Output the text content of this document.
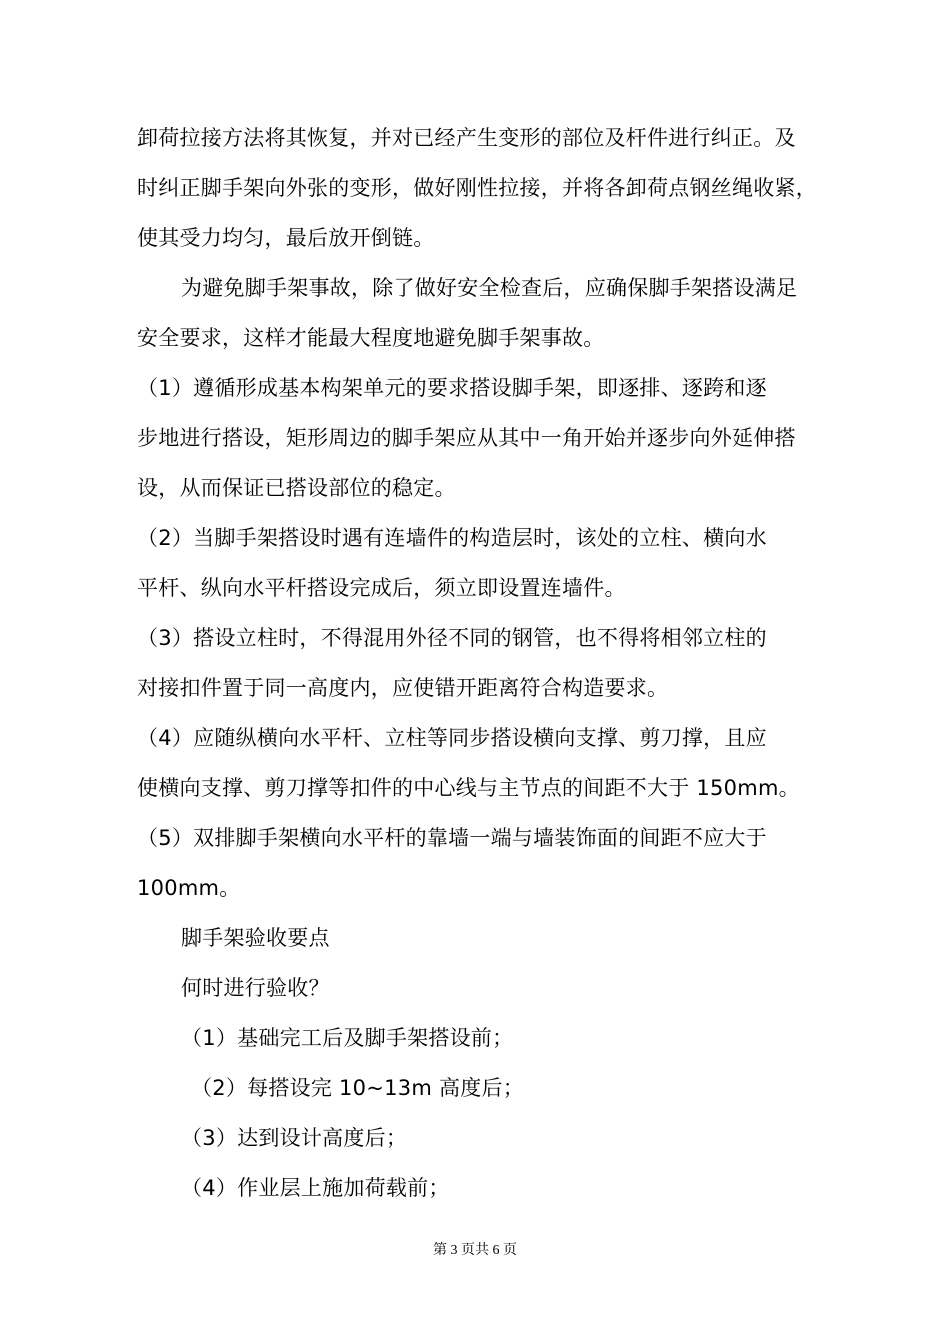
卸荷拉接方法将其恢复，并对已经产生变形的部位及杆件进行纠正。及
时纠正脚手架向外张的变形，做好刚性拉接，并将各卸荷点钢丝绳收紧，
使其受力均匀，最后放开倒链。
为避免脚手架事故，除了做好安全检查后，应确保脚手架搭设满足
安全要求，这样才能最大程度地避免脚手架事故。
（1）遵循形成基本构架单元的要求搭设脚手架，即逐排、逐跨和逐
步地进行搭设，矩形周边的脚手架应从其中一角开始并逐步向外延伸搭
设，从而保证已搭设部位的稳定。
（2）当脚手架搭设时遇有连墙件的构造层时，该处的立柱、横向水
平杆、纵向水平杆搭设完成后，须立即设置连墙件。
（3）搭设立柱时，不得混用外径不同的钢管，也不得将相邻立柱的
对接扣件置于同一高度内，应使错开距离符合构造要求。
（4）应随纵横向水平杆、立柱等同步搭设横向支撑、剪刀撑，且应
使横向支撑、剪刀撑等扣件的中心线与主节点的间距不大于 150mm。
（5）双排脚手架横向水平杆的靠墙一端与墙装饰面的间距不应大于
100mm。
脚手架验收要点
何时进行验收？
（1）基础完工后及脚手架搭设前；
（2）每搭设完 10~13m 高度后；
（3）达到设计高度后；
（4）作业层上施加荷载前；
第 3 页共 6 页
